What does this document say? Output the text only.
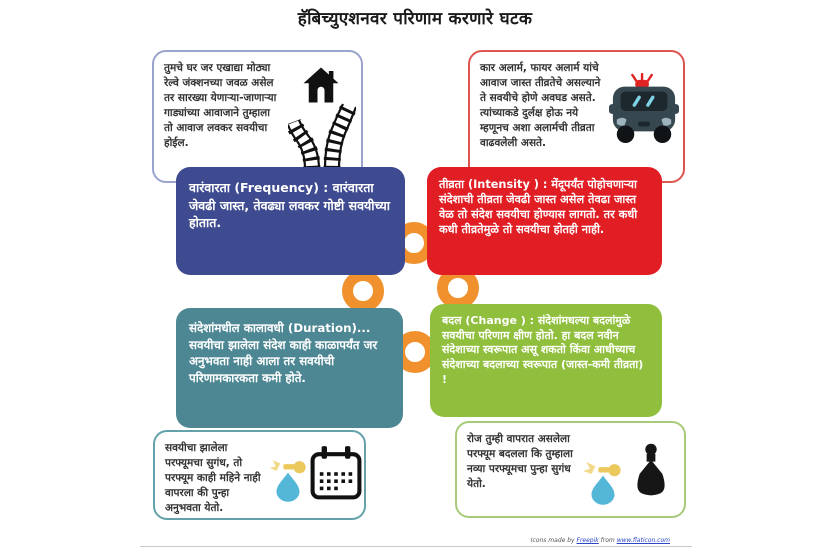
हॅबिच्युएशनवर परिणाम करणारे घटक
तुमचे घर जर एखाद्या मोठ्या रेल्वे जंक्शनच्या जवळ असेल तर सारख्या येणाऱ्या-जाणाऱ्या गाड्यांच्या आवाजाने तुम्हाला तो आवाज लवकर सवयीचा होईल.
कार अलार्म, फायर अलार्म यांचे आवाज जास्त तीव्रतेचे असल्याने ते सवयीचे होणे अवघड असते. त्यांच्याकडे दुर्लक्ष होऊ नये म्हणूनच अशा अलार्मची तीव्रता वाढवलेली असते.
वारंवारता (Frequency) : वारंवारता जेवढी जास्त, तेवढ्या लवकर गोष्टी सवयीच्या होतात.
तीव्रता (Intensity ) : मेंदूपर्यंत पोहोचणाऱ्या संदेशाची तीव्रता जेवढी जास्त असेल तेवढा जास्त वेळ तो संदेश सवयीचा होण्यास लागतो. तर कधी कधी तीव्रतेमुळे तो सवयीचा होतही नाही.
संदेशांमधील कालावधी (Duration)... सवयीचा झालेला संदेश काही काळापर्यंत जर अनुभवता नाही आला तर सवयीची परिणामकारकता कमी होते.
बदल (Change ) : संदेशांमधल्या बदलांमुळे सवयीचा परिणाम क्षीण होतो. हा बदल नवीन संदेशाच्या स्वरूपात असू शकतो किंवा आधीच्याच संदेशाच्या बदलाच्या स्वरूपात (जास्त-कमी तीव्रता) !
सवयीचा झालेला परफ्यूमचा सुगंध, तो परफ्यूम काही महिने नाही वापरला की पुन्हा अनुभवता येतो.
रोज तुम्ही वापरात असलेला परफ्यूम बदलला कि तुम्हाला नव्या परफ्यूमचा पुन्हा सुगंध येतो.
Icons made by Freepik from www.flaticon.com
